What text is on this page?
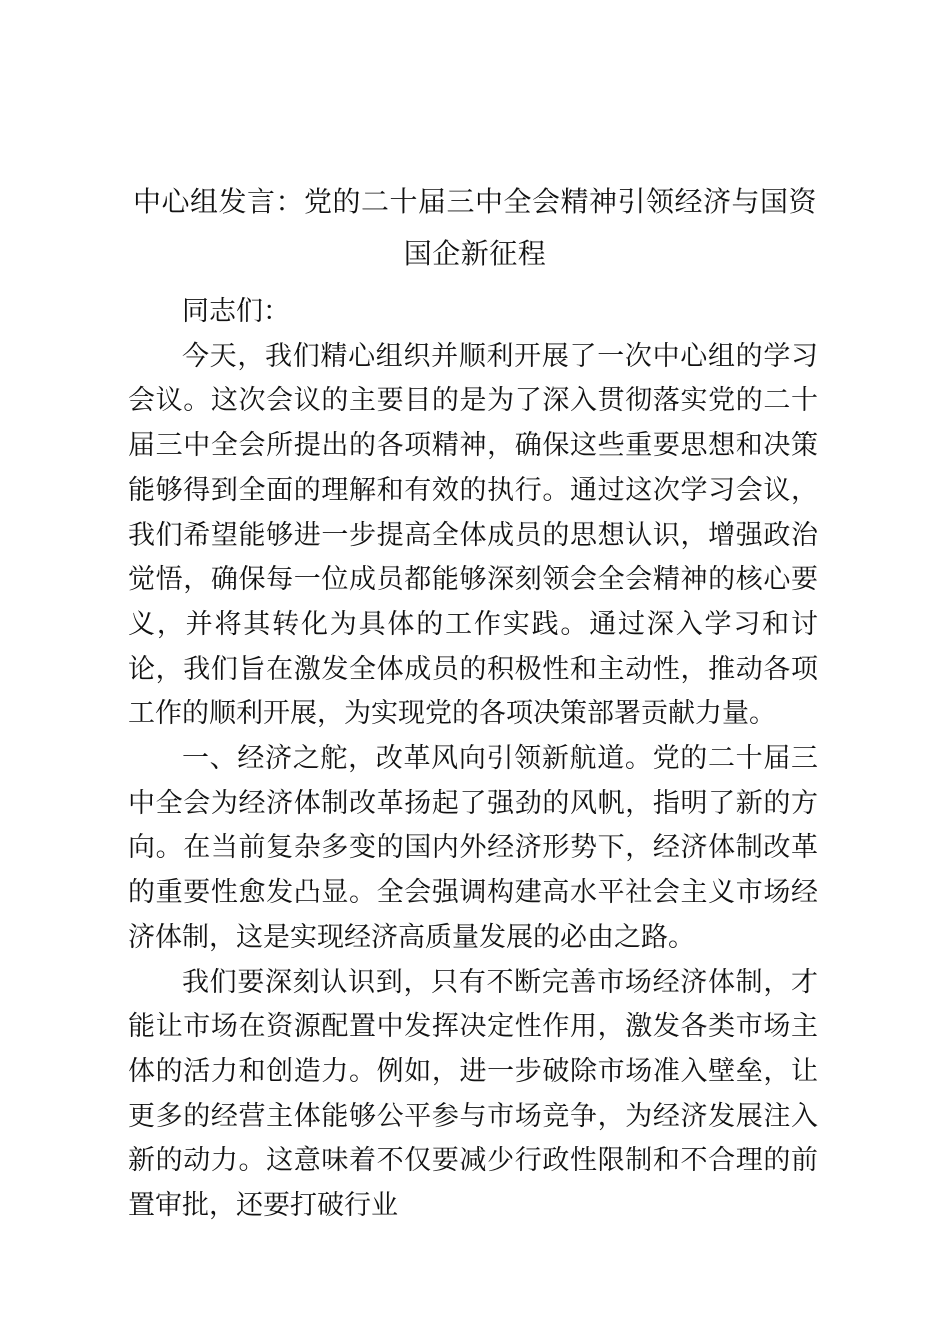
中心组发言：党的二十届三中全会精神引领经济与国资国企新征程

同志们：

今天，我们精心组织并顺利开展了一次中心组的学习会议。这次会议的主要目的是为了深入贯彻落实党的二十届三中全会所提出的各项精神，确保这些重要思想和决策能够得到全面的理解和有效的执行。通过这次学习会议，我们希望能够进一步提高全体成员的思想认识，增强政治觉悟，确保每一位成员都能够深刻领会全会精神的核心要义，并将其转化为具体的工作实践。通过深入学习和讨论，我们旨在激发全体成员的积极性和主动性，推动各项工作的顺利开展，为实现党的各项决策部署贡献力量。

一、经济之舵，改革风向引领新航道。党的二十届三中全会为经济体制改革扬起了强劲的风帆，指明了新的方向。在当前复杂多变的国内外经济形势下，经济体制改革的重要性愈发凸显。全会强调构建高水平社会主义市场经济体制，这是实现经济高质量发展的必由之路。

我们要深刻认识到，只有不断完善市场经济体制，才能让市场在资源配置中发挥决定性作用，激发各类市场主体的活力和创造力。例如，进一步破除市场准入壁垒，让更多的经营主体能够公平参与市场竞争，为经济发展注入新的动力。这意味着不仅要减少行政性限制和不合理的前置审批，还要打破行业
